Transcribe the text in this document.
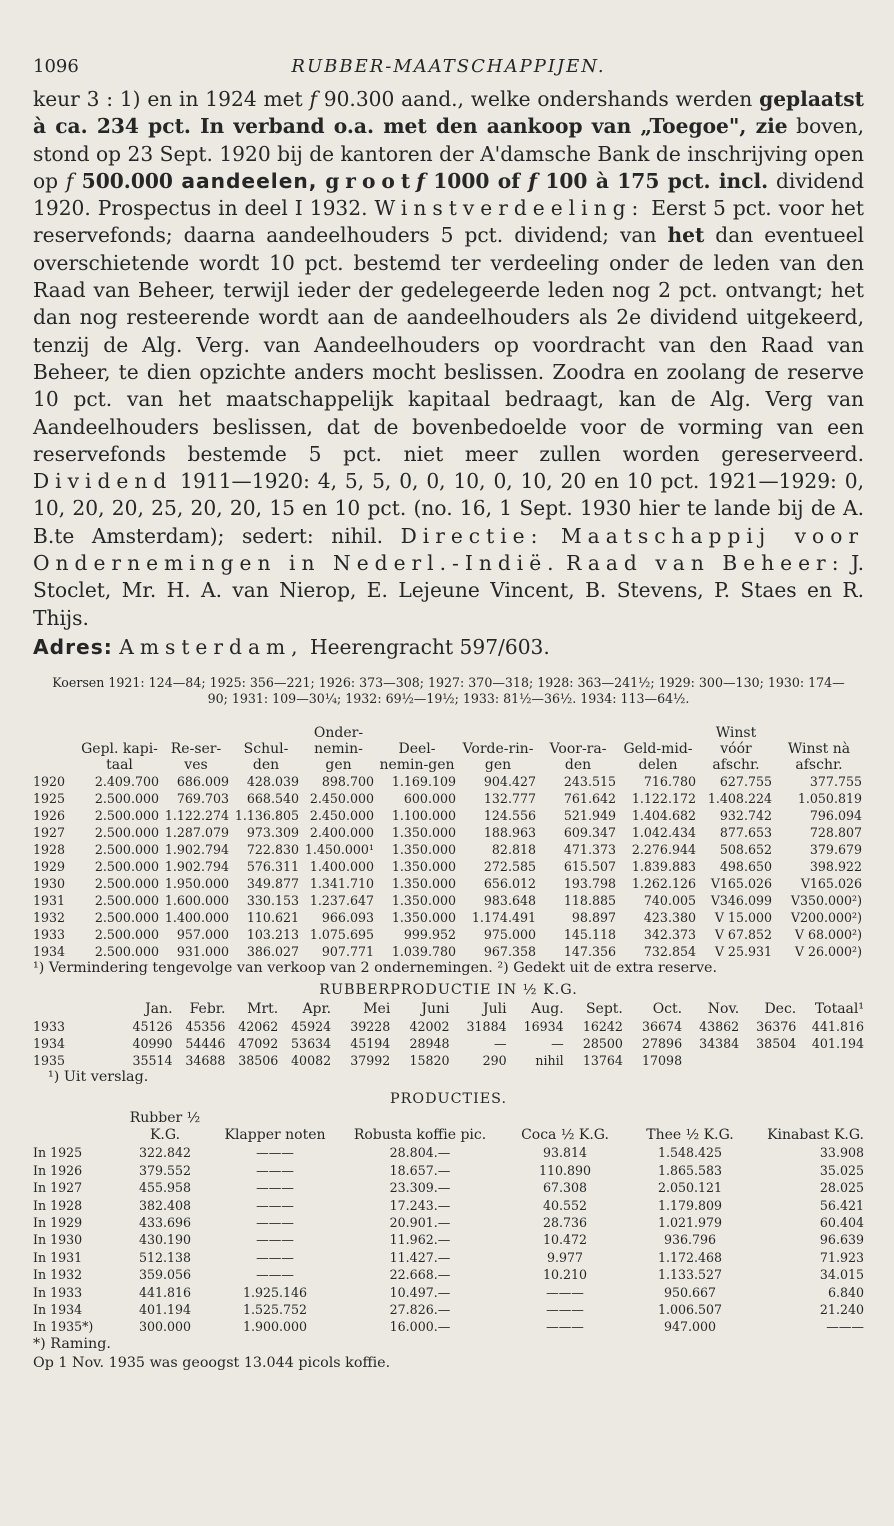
1096	RUBBER-MAATSCHAPPIJEN.
keur 3 : 1) en in 1924 met f 90.300 aand., welke ondershands werden geplaatst à ca. 234 pct. In verband o.a. met den aankoop van „Toegoe", zie boven, stond op 23 Sept. 1920 bij de kantoren der A'damsche Bank de inschrijving open op f 500.000 aandeelen, grootf 1000 of f 100 à 175 pct. incl. dividend 1920. Prospectus in deel I 1932. Winstverdeeling: Eerst 5 pct. voor het reservefonds; daarna aandeelhouders 5 pct. dividend; van het dan eventueel overschietende wordt 10 pct. bestemd ter verdeeling onder de leden van den Raad van Beheer, terwijl ieder der gedelegeerde leden nog 2 pct. ontvangt; het dan nog resteerende wordt aan de aandeelhouders als 2e dividend uitgekeerd, tenzij de Alg. Verg. van Aandeelhouders op voordracht van den Raad van Beheer, te dien opzichte anders mocht beslissen. Zoodra en zoolang de reserve 10 pct. van het maatschappelijk kapitaal bedraagt, kan de Alg. Verg van Aandeelhouders beslissen, dat de bovenbedoelde voor de vorming van een reservefonds bestemde 5 pct. niet meer zullen worden gereserveerd. Dividend 1911—1920: 4, 5, 5, 0, 0, 10, 0, 10, 20 en 10 pct. 1921—1929: 0, 10, 20, 20, 25, 20, 20, 15 en 10 pct. (no. 16, 1 Sept. 1930 hier te lande bij de A. B.te Amsterdam); sedert: nihil. Directie: Maatschappij voor Ondernemingen in Nederl.-Indië. Raad van Beheer: J. Stoclet, Mr. H. A. van Nierop, E. Lejeune Vincent, B. Stevens, P. Staes en R. Thijs.
Adres: Amsterdam, Heerengracht 597/603.
Koersen 1921: 124—84; 1925: 356—221; 1926: 373—308; 1927: 370—318; 1928: 363—241½; 1929: 300—130; 1930: 174—90; 1931: 109—30¼; 1932: 69½—19½; 1933: 81½—36½. 1934: 113—64½.
	Gepl. kapi-taal	Re-ser-ves	Schul-den	Onder-nemin-gen	Deel-nemin-gen	Vorde-rin-gen	Voor-ra-den	Geld-mid-delen	Winst vóór afschr.	Winst nà afschr.
1920	2.409.700	686.009	428.039	898.700	1.169.109	904.427	243.515	716.780	627.755	377.755
1925	2.500.000	769.703	668.540	2.450.000	600.000	132.777	761.642	1.122.172	1.408.224	1.050.819
1926	2.500.000	1.122.274	1.136.805	2.450.000	1.100.000	124.556	521.949	1.404.682	932.742	796.094
1927	2.500.000	1.287.079	973.309	2.400.000	1.350.000	188.963	609.347	1.042.434	877.653	728.807
1928	2.500.000	1.902.794	722.830	1.450.000¹	1.350.000	82.818	471.373	2.276.944	508.652	379.679
1929	2.500.000	1.902.794	576.311	1.400.000	1.350.000	272.585	615.507	1.839.883	498.650	398.922
1930	2.500.000	1.950.000	349.877	1.341.710	1.350.000	656.012	193.798	1.262.126	V165.026	V165.026
1931	2.500.000	1.600.000	330.153	1.237.647	1.350.000	983.648	118.885	740.005	V346.099	V350.000²)
1932	2.500.000	1.400.000	110.621	966.093	1.350.000	1.174.491	98.897	423.380	V 15.000	V200.000²)
1933	2.500.000	957.000	103.213	1.075.695	999.952	975.000	145.118	342.373	V 67.852	V 68.000²)
1934	2.500.000	931.000	386.027	907.771	1.039.780	967.358	147.356	732.854	V 25.931	V 26.000²)
¹) Vermindering tengevolge van verkoop van 2 ondernemingen. ²) Gedekt uit de extra reserve.
RUBBERPRODUCTIE IN ½ K.G.
	Jan.	Febr.	Mrt.	Apr.	Mei	Juni	Juli	Aug.	Sept.	Oct.	Nov.	Dec.	Totaal¹
1933	45126	45356	42062	45924	39228	42002	31884	16934	16242	36674	43862	36376	441.816
1934	40990	54446	47092	53634	45194	28948	—	—	28500	27896	34384	38504	401.194
1935	35514	34688	38506	40082	37992	15820	290	nihil	13764	17098			
¹) Uit verslag.
PRODUCTIES.
	Rubber ½ K.G.	Klapper noten	Robusta koffie pic.	Coca ½ K.G.	Thee ½ K.G.	Kinabast K.G.
In 1925	322.842	———	28.804.—	93.814	1.548.425	33.908
In 1926	379.552	———	18.657.—	110.890	1.865.583	35.025
In 1927	455.958	———	23.309.—	67.308	2.050.121	28.025
In 1928	382.408	———	17.243.—	40.552	1.179.809	56.421
In 1929	433.696	———	20.901.—	28.736	1.021.979	60.404
In 1930	430.190	———	11.962.—	10.472	936.796	96.639
In 1931	512.138	———	11.427.—	9.977	1.172.468	71.923
In 1932	359.056	———	22.668.—	10.210	1.133.527	34.015
In 1933	441.816	1.925.146	10.497.—	———	950.667	6.840
In 1934	401.194	1.525.752	27.826.—	———	1.006.507	21.240
In 1935*)	300.000	1.900.000	16.000.—	———	947.000	———
*) Raming.
Op 1 Nov. 1935 was geoogst 13.044 picols koffie.
